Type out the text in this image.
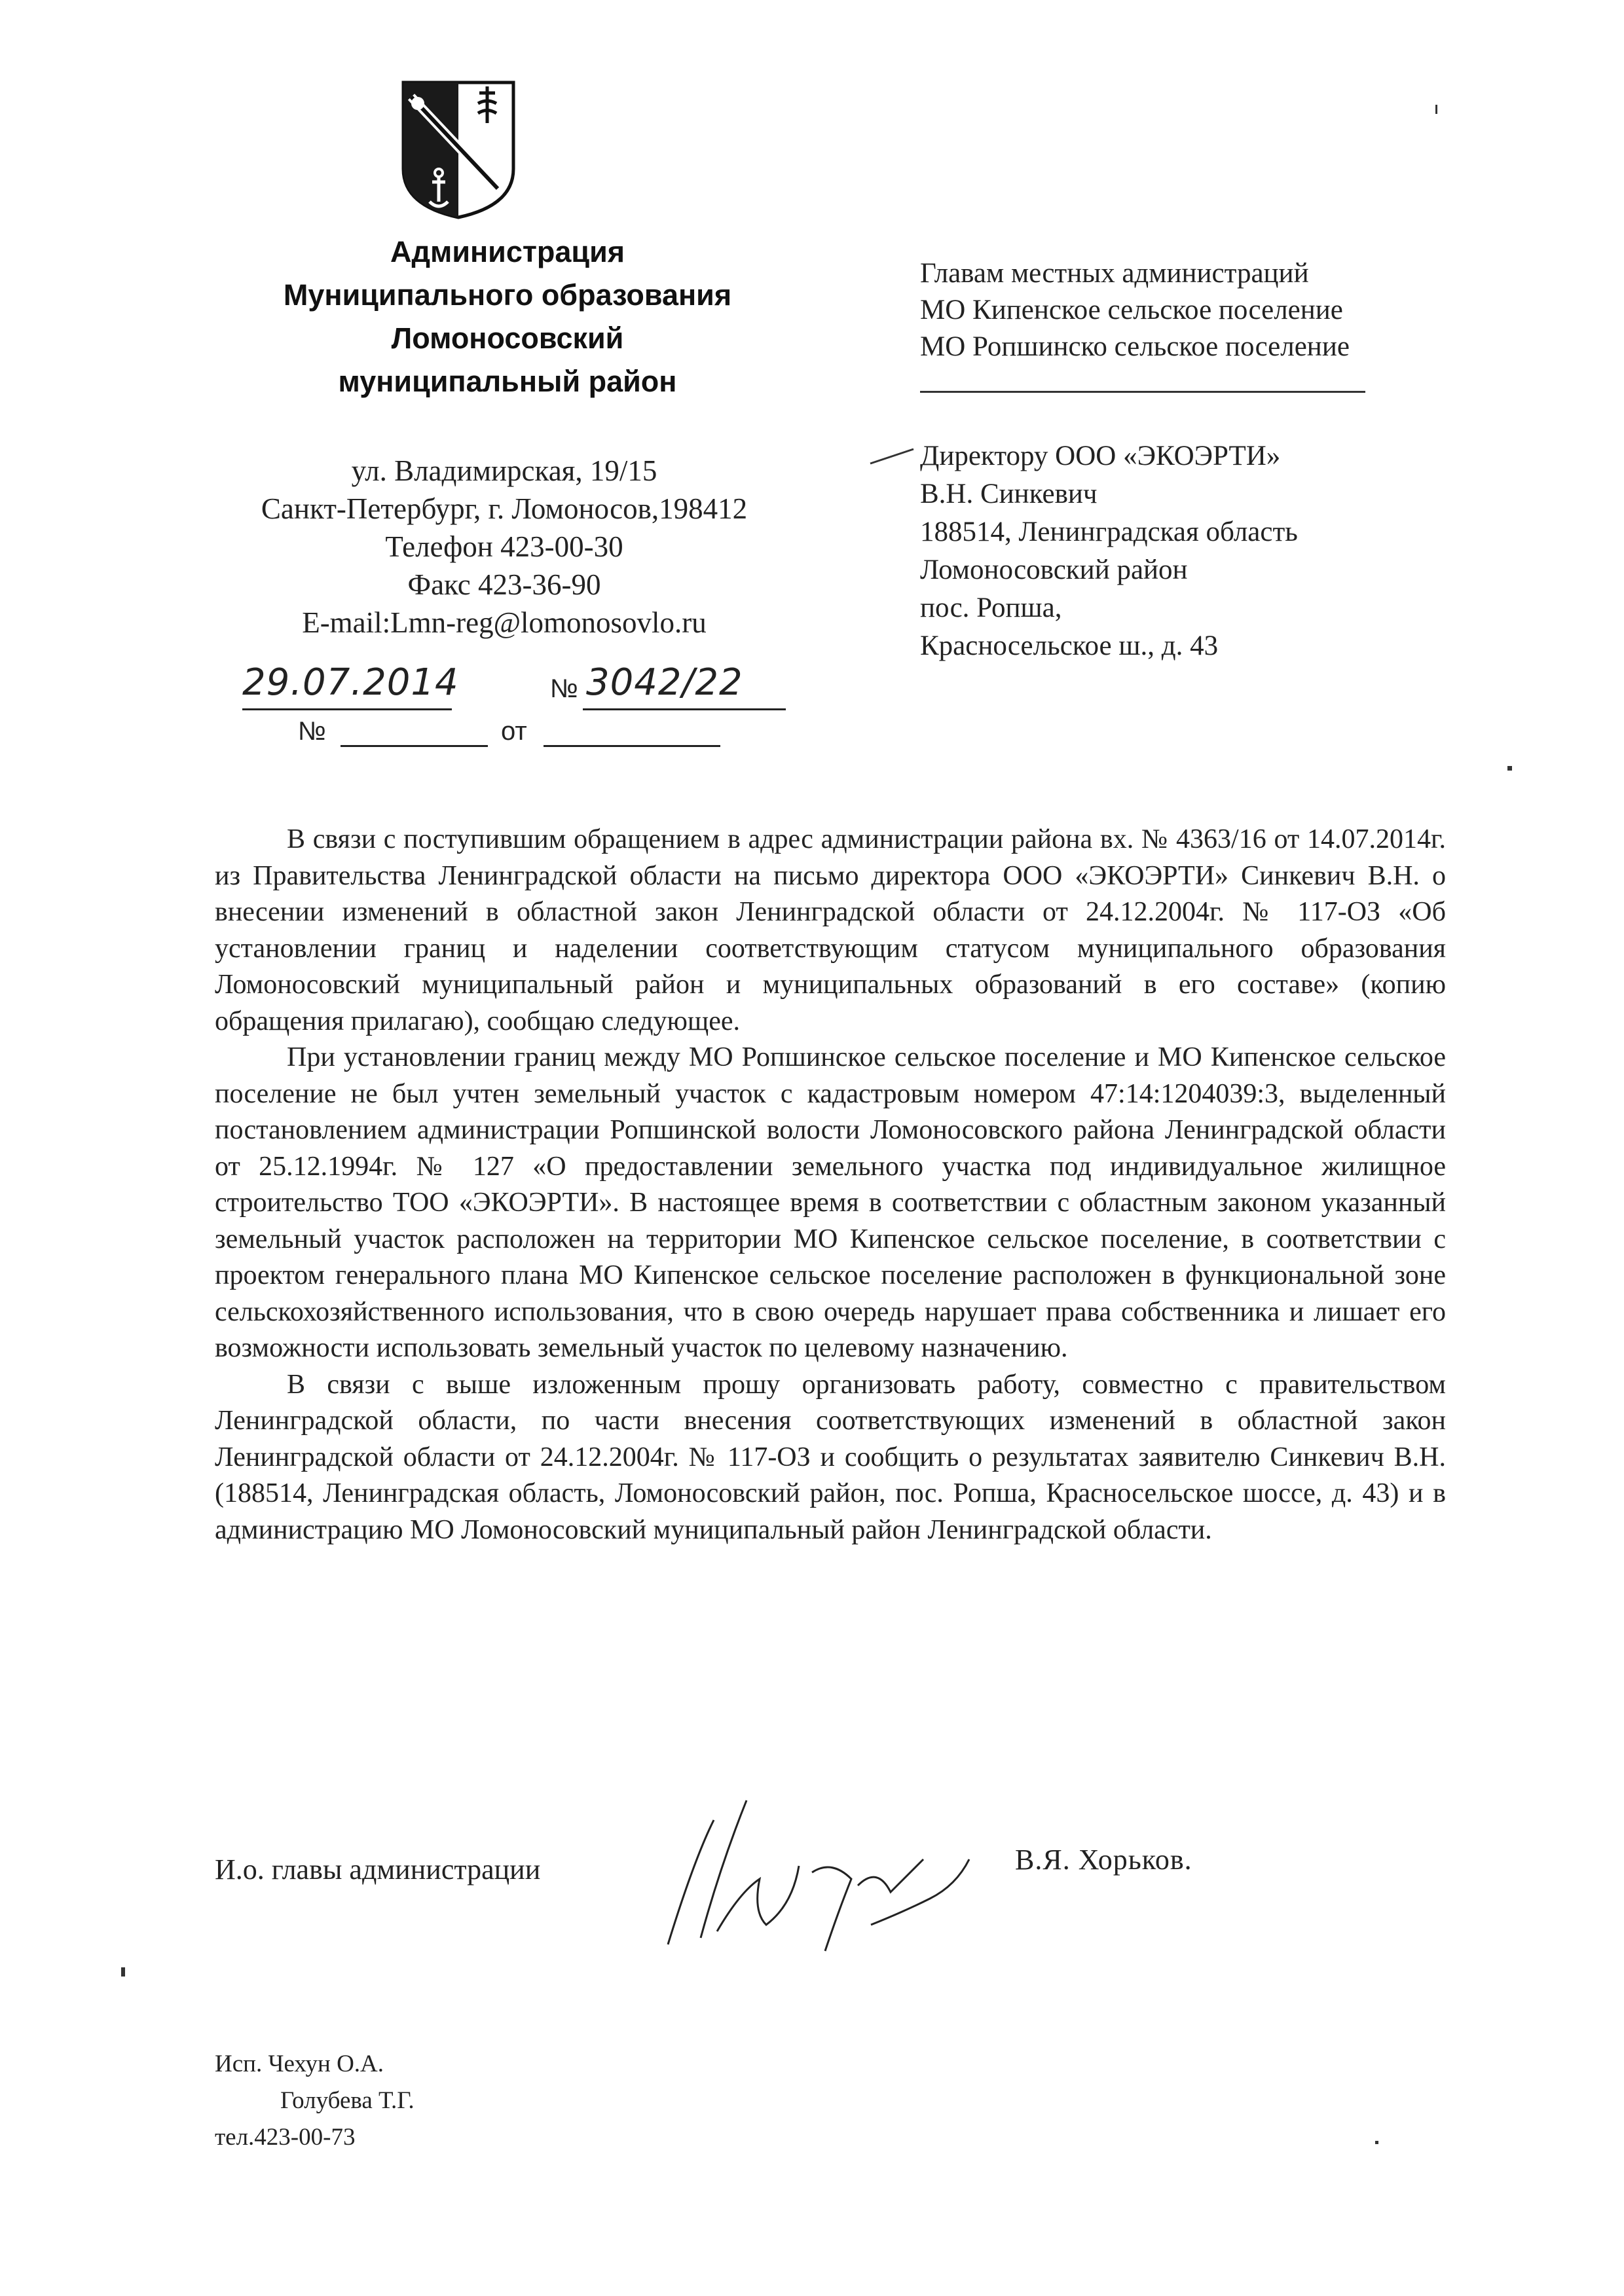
Администрация
Муниципального образования
Ломоносовский
муниципальный район
ул. Владимирская, 19/15
Санкт-Петербург, г. Ломоносов,198412
Телефон 423-00-30
Факс 423-36-90
E-mail:Lmn-reg@lomonosovlo.ru
29.07.2014	№ 3042/22
№	от
Главам местных администраций
МО Кипенское сельское поселение
МО Ропшинско сельское поселение
Директору ООО «ЭКОЭРТИ»
В.Н. Синкевич
188514, Ленинградская область
Ломоносовский район
пос. Ропша,
Красносельское ш., д. 43

В связи с поступившим обращением в адрес администрации района вх. № 4363/16 от 14.07.2014г. из Правительства Ленинградской области на письмо директора ООО «ЭКОЭРТИ» Синкевич В.Н. о внесении изменений в областной закон Ленинградской области от 24.12.2004г. № 117-ОЗ «Об установлении границ и наделении соответствующим статусом муниципального образования Ломоносовский муниципальный район и муниципальных образований в его составе» (копию обращения прилагаю), сообщаю следующее.

При установлении границ между МО Ропшинское сельское поселение и МО Кипенское сельское поселение не был учтен земельный участок с кадастровым номером 47:14:1204039:3, выделенный постановлением администрации Ропшинской волости Ломоносовского района Ленинградской области от 25.12.1994г. № 127 «О предоставлении земельного участка под индивидуальное жилищное строительство ТОО «ЭКОЭРТИ». В настоящее время в соответствии с областным законом указанный земельный участок расположен на территории МО Кипенское сельское поселение, в соответствии с проектом генерального плана МО Кипенское сельское поселение расположен в функциональной зоне сельскохозяйственного использования, что в свою очередь нарушает права собственника и лишает его возможности использовать земельный участок по целевому назначению.

В связи с выше изложенным прошу организовать работу, совместно с правительством Ленинградской области, по части внесения соответствующих изменений в областной закон Ленинградской области от 24.12.2004г. № 117-ОЗ и сообщить о результатах заявителю Синкевич В.Н. (188514, Ленинградская область, Ломоносовский район, пос. Ропша, Красносельское шоссе, д. 43) и в администрацию МО Ломоносовский муниципальный район Ленинградской области.

И.о. главы администрации	В.Я. Хорьков.
Исп. Чехун О.А.
Голубева Т.Г.
тел.423-00-73
